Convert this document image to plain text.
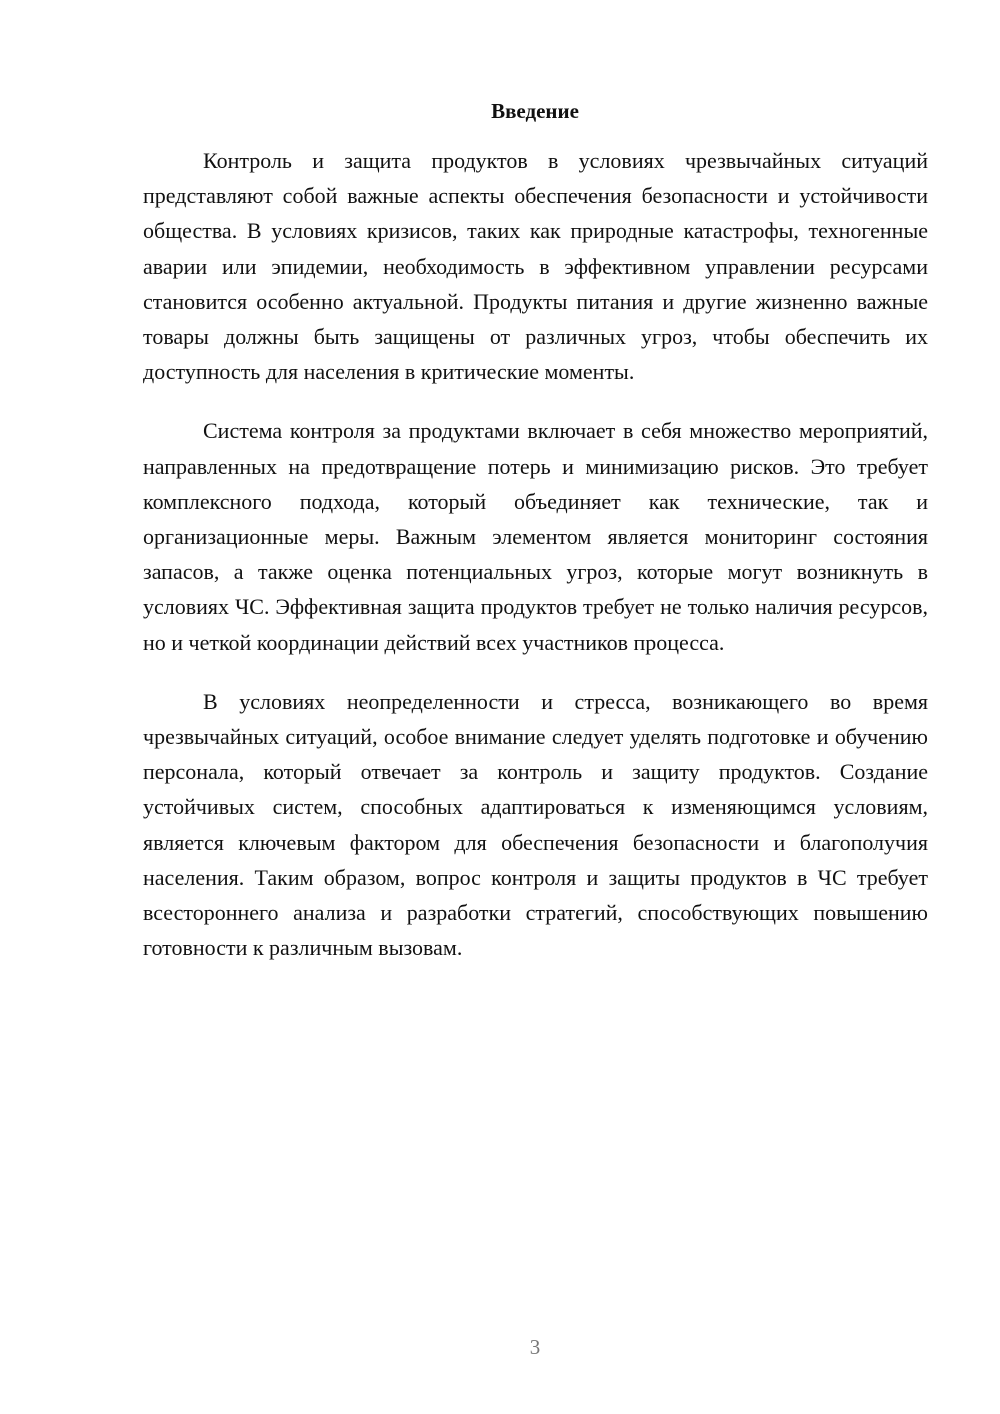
Введение

Контроль и защита продуктов в условиях чрезвычайных ситуаций представляют собой важные аспекты обеспечения безопасности и устойчивости общества. В условиях кризисов, таких как природные катастрофы, техногенные аварии или эпидемии, необходимость в эффективном управлении ресурсами становится особенно актуальной. Продукты питания и другие жизненно важные товары должны быть защищены от различных угроз, чтобы обеспечить их доступность для населения в критические моменты.

Система контроля за продуктами включает в себя множество мероприятий, направленных на предотвращение потерь и минимизацию рисков. Это требует комплексного подхода, который объединяет как технические, так и организационные меры. Важным элементом является мониторинг состояния запасов, а также оценка потенциальных угроз, которые могут возникнуть в условиях ЧС. Эффективная защита продуктов требует не только наличия ресурсов, но и четкой координации действий всех участников процесса.

В условиях неопределенности и стресса, возникающего во время чрезвычайных ситуаций, особое внимание следует уделять подготовке и обучению персонала, который отвечает за контроль и защиту продуктов. Создание устойчивых систем, способных адаптироваться к изменяющимся условиям, является ключевым фактором для обеспечения безопасности и благополучия населения. Таким образом, вопрос контроля и защиты продуктов в ЧС требует всестороннего анализа и разработки стратегий, способствующих повышению готовности к различным вызовам.

3
